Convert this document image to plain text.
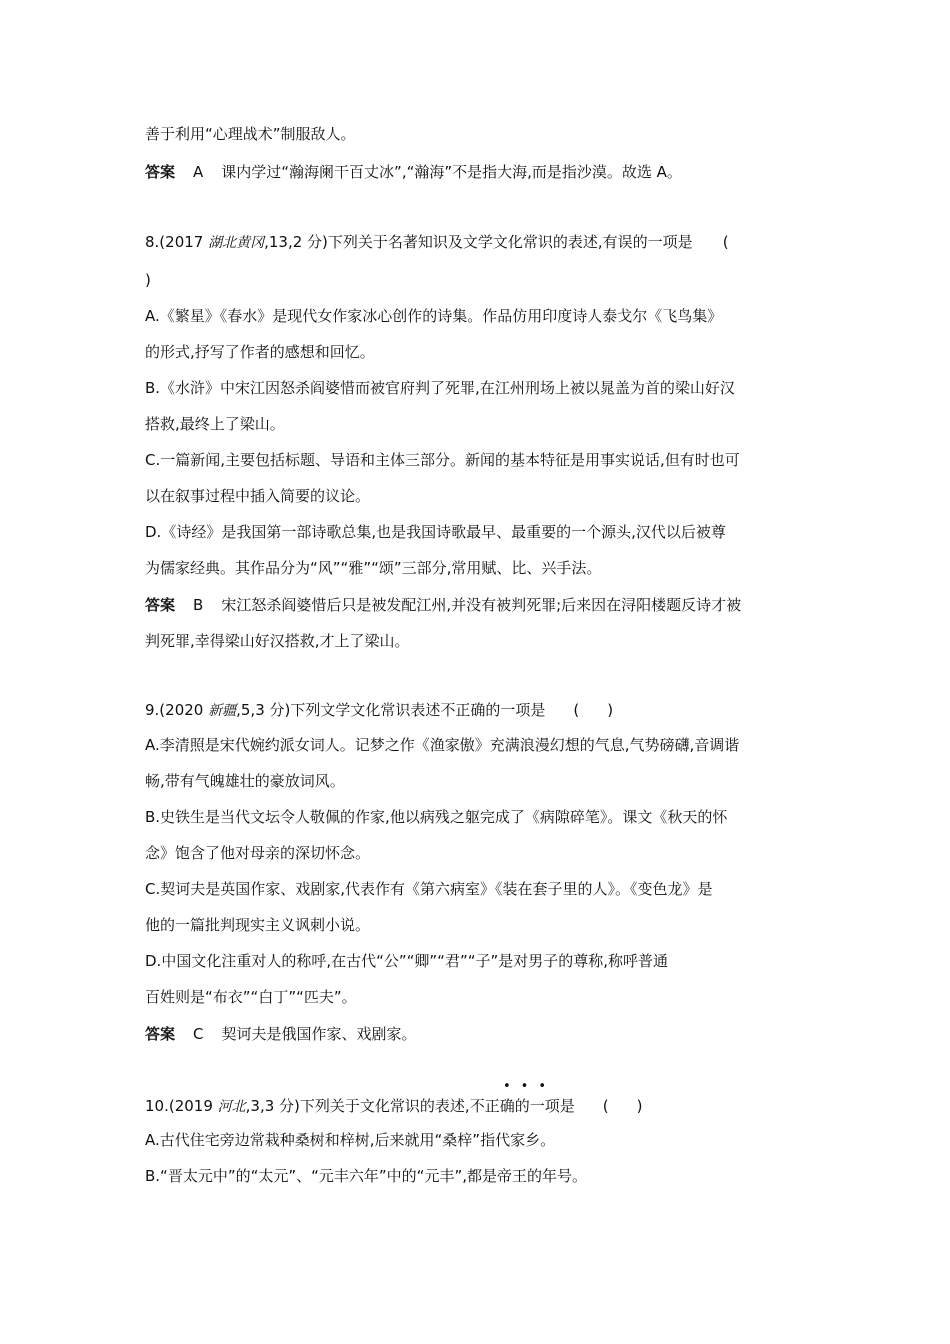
善于利用“心理战术”制服敌人。
答案 A 课内学过“瀚海阑干百丈冰”,“瀚海”不是指大海,而是指沙漠。故选 A。
8.(2017 湖北黄冈,13,2 分)下列关于名著知识及文学文化常识的表述,有误的一项是 (
)
A.《繁星》《春水》是现代女作家冰心创作的诗集。作品仿用印度诗人泰戈尔《飞鸟集》
的形式,抒写了作者的感想和回忆。
B.《水浒》中宋江因怒杀阎婆惜而被官府判了死罪,在江州刑场上被以晁盖为首的梁山好汉
搭救,最终上了梁山。
C.一篇新闻,主要包括标题、导语和主体三部分。新闻的基本特征是用事实说话,但有时也可
以在叙事过程中插入简要的议论。
D.《诗经》是我国第一部诗歌总集,也是我国诗歌最早、最重要的一个源头,汉代以后被尊
为儒家经典。其作品分为“风”“雅”“颂”三部分,常用赋、比、兴手法。
答案 B 宋江怒杀阎婆惜后只是被发配江州,并没有被判死罪;后来因在浔阳楼题反诗才被
判死罪,幸得梁山好汉搭救,才上了梁山。
9.(2020 新疆,5,3 分)下列文学文化常识表述不正确的一项是 ()
A.李清照是宋代婉约派女词人。记梦之作《渔家傲》充满浪漫幻想的气息,气势磅礴,音调谐
畅,带有气魄雄壮的豪放词风。
B.史铁生是当代文坛令人敬佩的作家,他以病残之躯完成了《病隙碎笔》。课文《秋天的怀
念》饱含了他对母亲的深切怀念。
C.契诃夫是英国作家、戏剧家,代表作有《第六病室》《装在套子里的人》。《变色龙》是
他的一篇批判现实主义讽刺小说。
D.中国文化注重对人的称呼,在古代“公”“卿”“君”“子”是对男子的尊称,称呼普通
百姓则是“布衣”“白丁”“匹夫”。
答案 C 契诃夫是俄国作家、戏剧家。
•••
10.(2019 河北,3,3 分)下列关于文化常识的表述,不正确的一项是 ()
A.古代住宅旁边常栽种桑树和梓树,后来就用“桑梓”指代家乡。
B.“晋太元中”的“太元”、“元丰六年”中的“元丰”,都是帝王的年号。
